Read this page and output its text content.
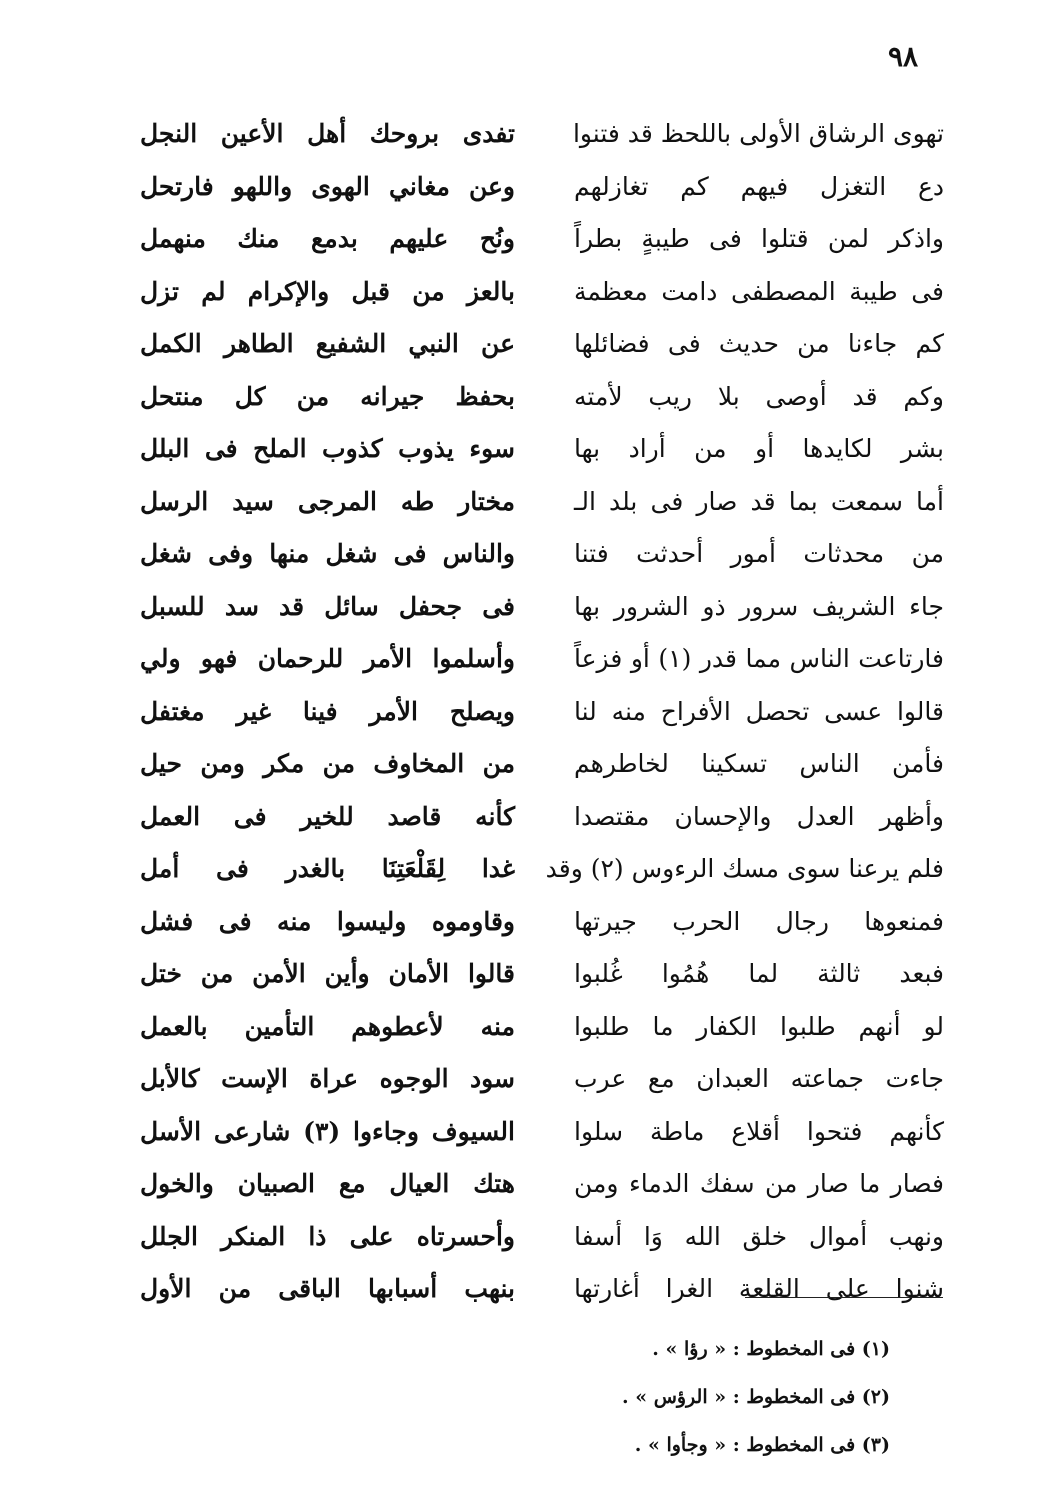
٩٨
تهوى الرشاق الأولى باللحظ قد فتنوا
دع التغزل فيهم كم تغازلهم
واذكر لمن قتلوا فى طيبةٍ بطراً
فى طيبة المصطفى دامت معظمة
كم جاءنا من حديث فى فضائلها
وكم قد أوصى بلا ريب لأمته
بشر لكايدها أو من أراد بها
أما سمعت بما قد صار فى بلد الـ
من محدثات أمور أحدثت فتنا
جاء الشريف سرور ذو الشرور بها
فارتاعت الناس مما قدر (١) أو فزعاً
قالوا عسى تحصل الأفراح منه لنا
فأمن الناس تسكينا لخاطرهم
وأظهر العدل والإحسان مقتصدا
فلم يرعنا سوى مسك الرءوس (٢) وقد
فمنعوها رجال الحرب جيرتها
فبعد ثالثة لما هُمُوا غُلبوا
لو أنهم طلبوا الكفار ما طلبوا
جاءت جماعته العبدان مع عرب
كأنهم فتحوا أقلاع ماطة سلوا
فصار ما صار من سفك الدماء ومن
ونهب أموال خلق الله وَا أسفا
شنوا على القلعة الغرا أغارتها
تفدى بروحك أهل الأعين النجل
وعن مغاني الهوى واللهو فارتحل
ونُح عليهم بدمع منك منهمل
بالعز من قبل والإكرام لم تزل
عن النبي الشفيع الطاهر الكمل
بحفظ جيرانه من كل منتحل
سوء يذوب كذوب الملح فى البلل
مختار طه المرجى سيد الرسل
والناس فى شغل منها وفى شغل
فى جحفل سائل قد سد للسبل
وأسلموا الأمر للرحمان فهو ولي
ويصلح الأمر فينا غير مغتفل
من المخاوف من مكر ومن حيل
كأنه قاصد للخير فى العمل
غدا لِقَلْعَتِنَا بالغدر فى أمل
وقاوموه وليسوا منه فى فشل
قالوا الأمان وأين الأمن من ختل
منه لأعطوهم التأمين بالعمل
سود الوجوه عراة الإست كالأبل
السيوف وجاءوا (٣) شارعى الأسل
هتك العيال مع الصبيان والخول
وأحسرتاه على ذا المنكر الجلل
بنهب أسبابها الباقى من الأول
(١) فى المخطوط : « رؤا » .
(٢) فى المخطوط : « الرؤس » .
(٣) فى المخطوط : « وجأوا » .
